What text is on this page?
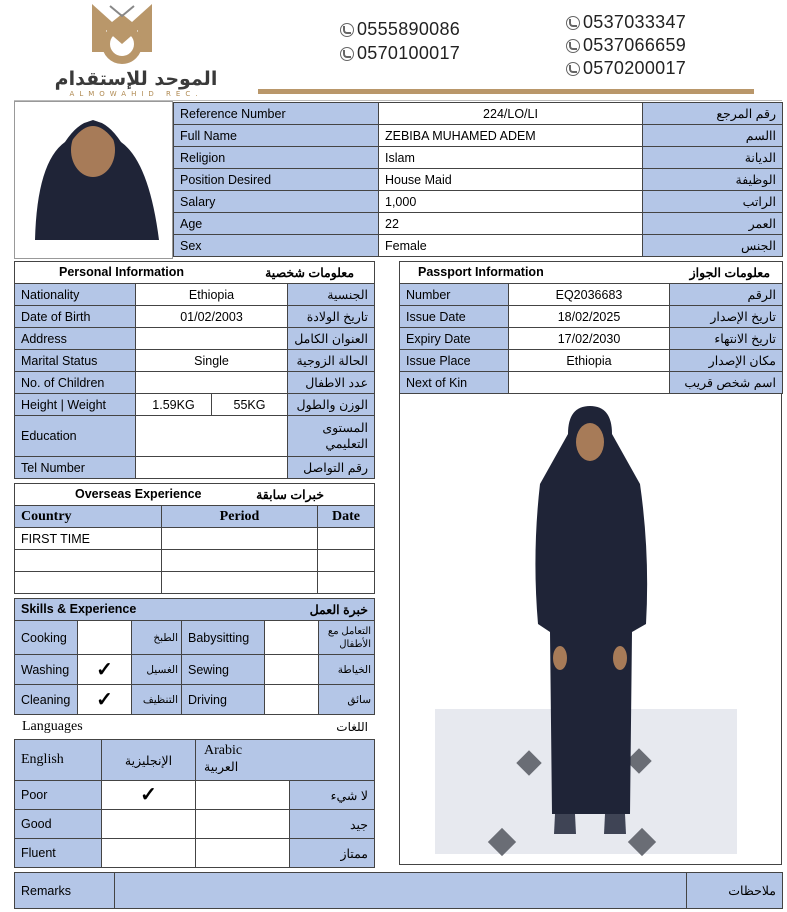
الموحد للإستقدام
ALMOWAHID REC.
0555890086
0570100017
0537033347
0537066659
0570200017
Reference Number	224/LO/LI	رقم المرجع
Full Name	ZEBIBA MUHAMED ADEM	االسم
Religion	Islam	الديانة
Position Desired	House Maid	الوظيفة
Salary	1,000	الراتب
Age	22	العمر
Sex	Female	الجنس
Personal Information معلومات شخصية			

Nationality	Ethiopia		الجنسية
Date of Birth	01/02/2003		تاريخ الولادة
Address			العنوان الكامل
Marital Status	Single		الحالة الزوجية
No. of Children			عدد الاطفال
Height | Weight	1.59KG	55KG	الوزن والطول
Education			المستوى التعليمي
Tel Number			رقم التواصل
Passport Information معلومات الجواز		

Number	EQ2036683	الرقم
Issue Date	18/02/2025	تاريخ الإصدار
Expiry Date	17/02/2030	تاريخ الانتهاء
Issue Place	Ethiopia	مكان الإصدار
Next of Kin		اسم شخص قريب
Overseas Experience خبرات سابقة		

Country	Period	Date
FIRST TIME		

Skills & Experience خبرة العمل					

Cooking		الطبخ	Babysitting		التعامل مع الأطفال
Washing	✓	الغسيل	Sewing		الخياطة
Cleaning	✓	التنظيف	Driving		سائق
Languages	اللغات
English	الإنجليزية	Arabic
العربية	

Poor	✓		لا شيء
Good			جيد
Fluent			ممتاز
Remarks		ملاحظات
